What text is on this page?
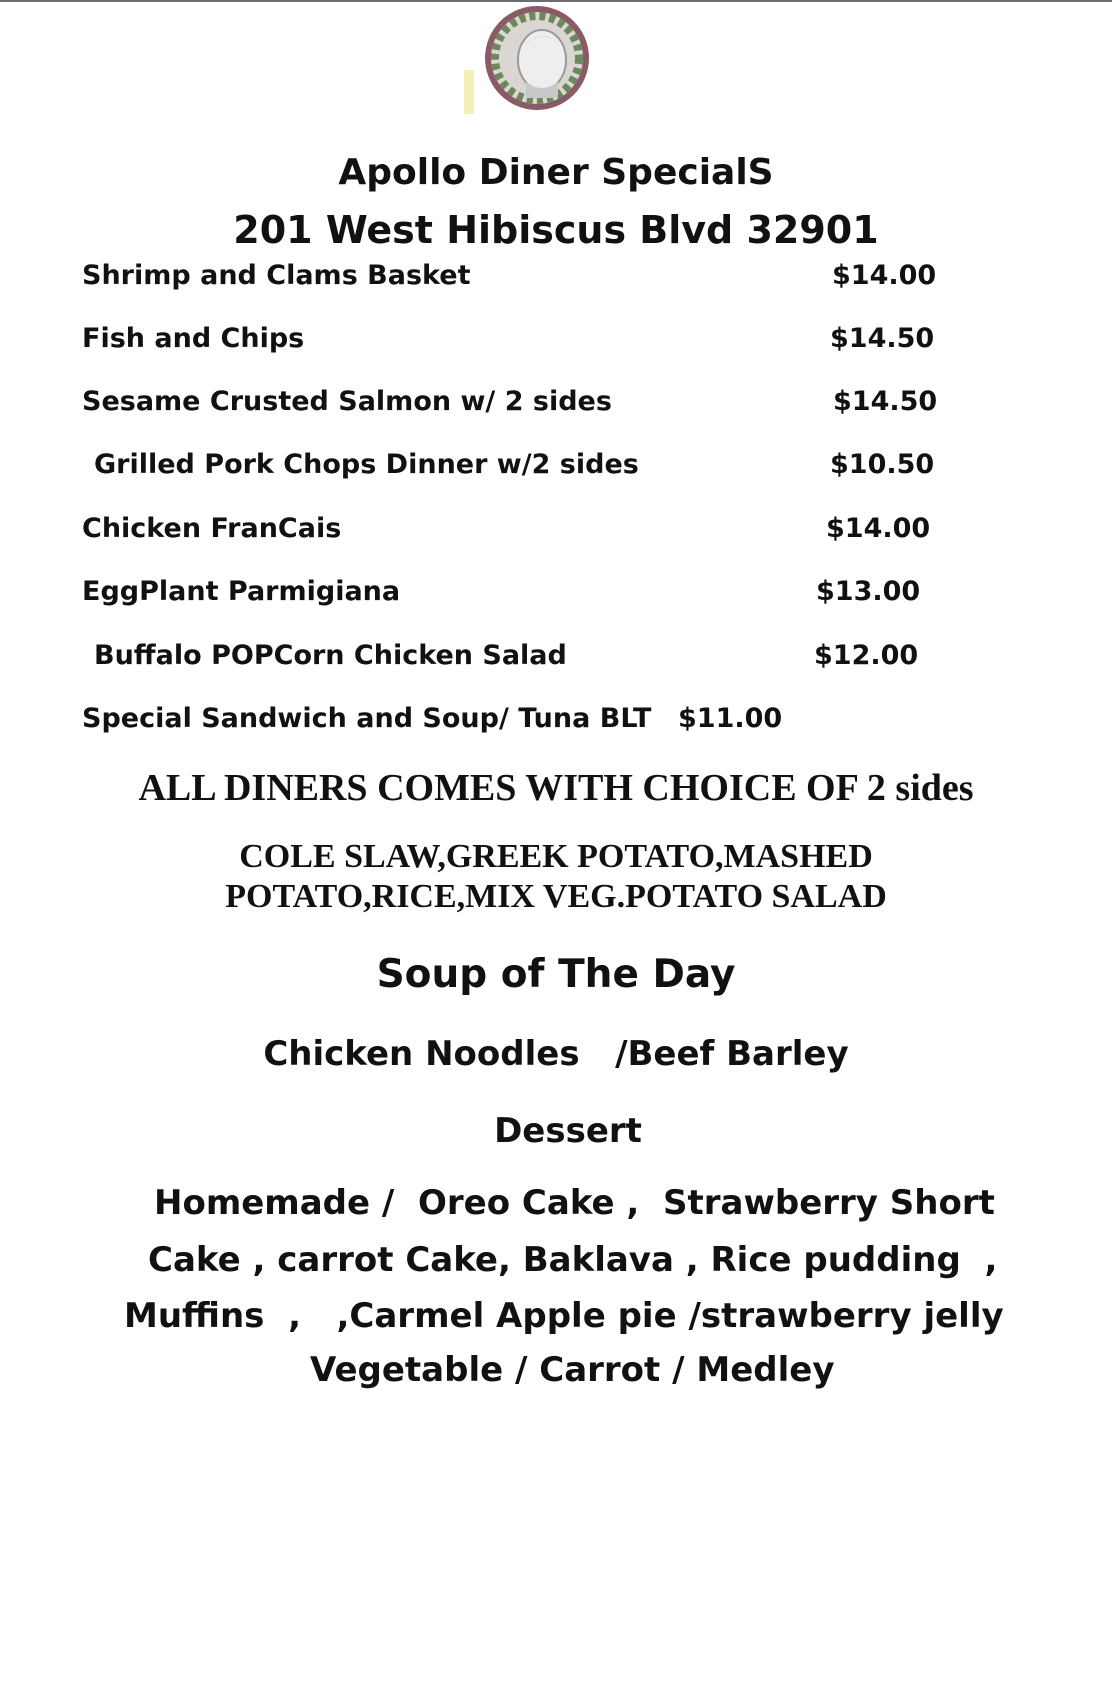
Apollo Diner SpecialS
201 West Hibiscus Blvd 32901
Shrimp and Clams Basket	$14.00
Fish and Chips	$14.50
Sesame Crusted Salmon w/ 2 sides	$14.50
Grilled Pork Chops Dinner w/2 sides	$10.50
Chicken FranCais	$14.00
EggPlant Parmigiana	$13.00
Buffalo POPCorn Chicken Salad	$12.00
Special Sandwich and Soup/ Tuna BLT $11.00
ALL DINERS COMES WITH CHOICE OF 2 sides
COLE SLAW,GREEK POTATO,MASHED
POTATO,RICE,MIX VEG.POTATO SALAD
Soup of The Day
Chicken Noodles   /Beef Barley
Dessert
Homemade /  Oreo Cake ,  Strawberry Short
Cake , carrot Cake, Baklava , Rice pudding  ,
Muffins  ,   ,Carmel Apple pie /strawberry jelly
Vegetable / Carrot / Medley
